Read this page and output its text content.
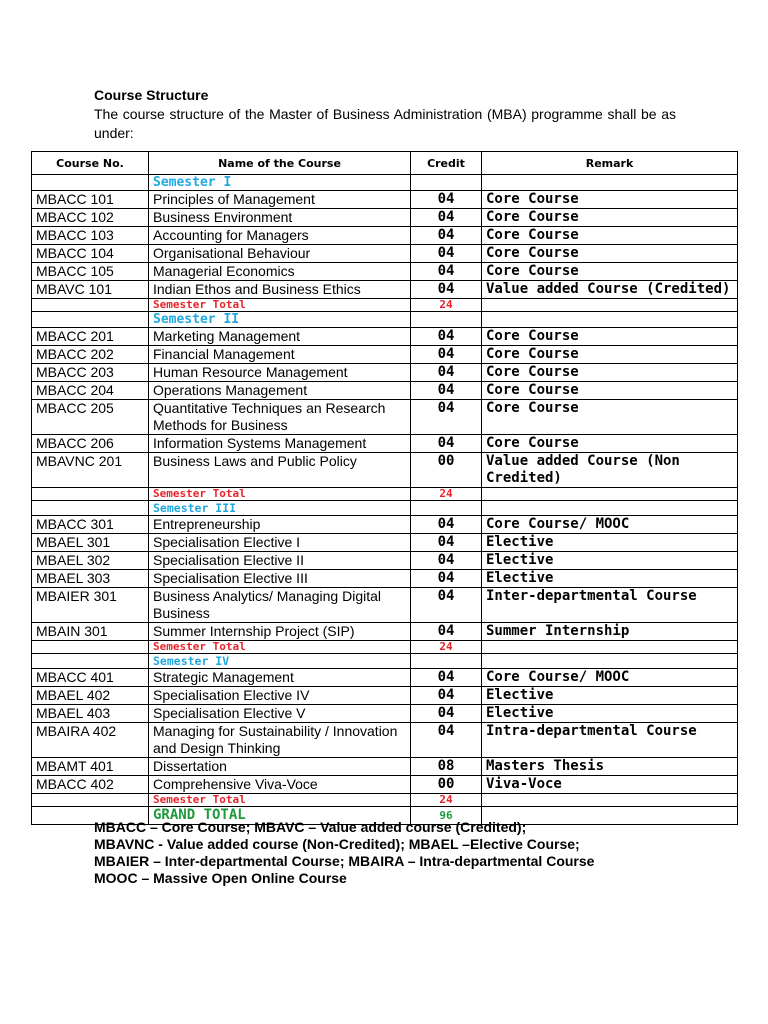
Course Structure
The course structure of the Master of Business Administration (MBA) programme shall be as under:
Course No.	Name of the Course	Credit	Remark
	Semester I		
MBACC 101	Principles of Management	04	Core Course
MBACC 102	Business Environment	04	Core Course
MBACC 103	Accounting for Managers	04	Core Course
MBACC 104	Organisational Behaviour	04	Core Course
MBACC 105	Managerial Economics	04	Core Course
MBAVC 101	Indian Ethos and Business Ethics	04	Value added Course (Credited)
	Semester Total	24	
	Semester II		
MBACC 201	Marketing Management	04	Core Course
MBACC 202	Financial Management	04	Core Course
MBACC 203	Human Resource Management	04	Core Course
MBACC 204	Operations Management	04	Core Course
MBACC 205	Quantitative Techniques an Research Methods for Business	04	Core Course
MBACC 206	Information Systems Management	04	Core Course
MBAVNC 201	Business Laws and Public Policy	00	Value added Course (Non Credited)
	Semester Total	24	
	Semester III		
MBACC 301	Entrepreneurship	04	Core Course/ MOOC
MBAEL 301	Specialisation Elective I	04	Elective
MBAEL 302	Specialisation Elective II	04	Elective
MBAEL 303	Specialisation Elective III	04	Elective
MBAIER 301	Business Analytics/ Managing Digital Business	04	Inter-departmental Course
MBAIN 301	Summer Internship Project (SIP)	04	Summer Internship
	Semester Total	24	
	Semester IV		
MBACC 401	Strategic Management	04	Core Course/ MOOC
MBAEL 402	Specialisation Elective IV	04	Elective
MBAEL 403	Specialisation Elective V	04	Elective
MBAIRA 402	Managing for Sustainability / Innovation and Design Thinking	04	Intra-departmental Course
MBAMT 401	Dissertation	08	Masters Thesis
MBACC 402	Comprehensive Viva-Voce	00	Viva-Voce
	Semester Total	24	
	GRAND TOTAL	96	
MBACC – Core Course; MBAVC – Value added course (Credited);
MBAVNC - Value added course (Non-Credited); MBAEL –Elective Course;
MBAIER – Inter-departmental Course; MBAIRA – Intra-departmental Course
MOOC – Massive Open Online Course
